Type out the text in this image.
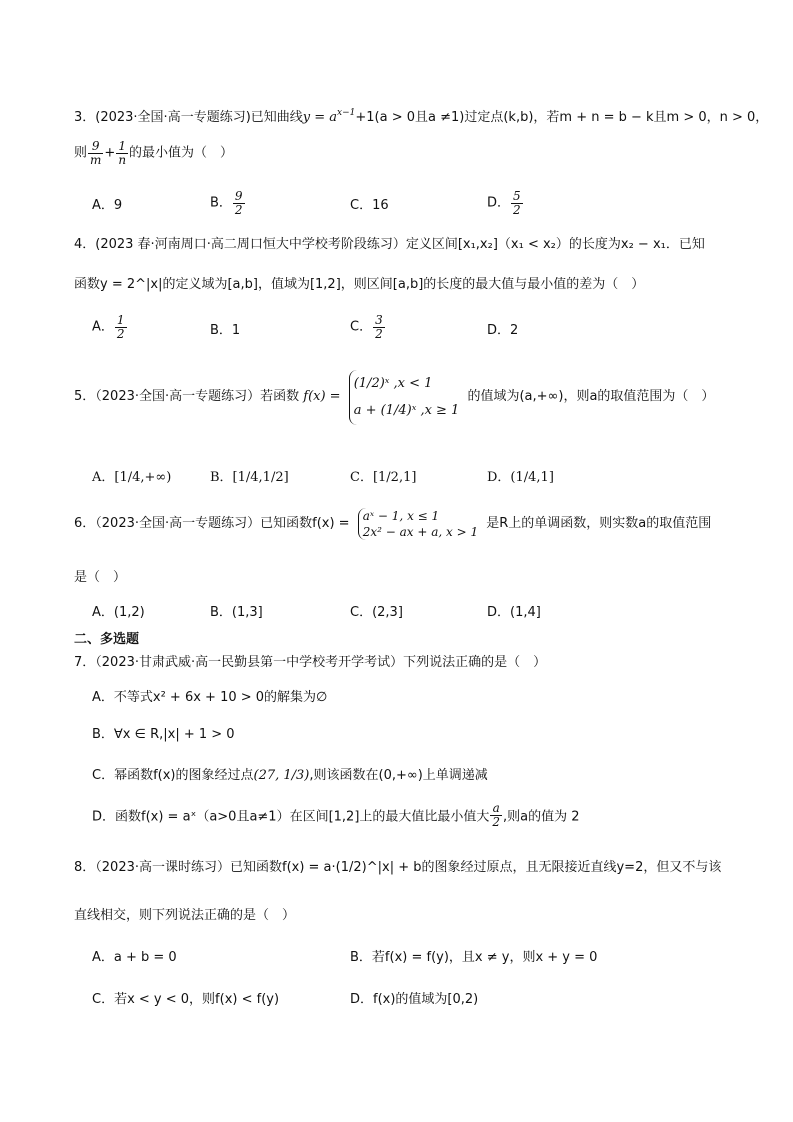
3．(2023·全国·高一专题练习)已知曲线$y = a^{x-1}+1(a > 0$且a ≠1)过定点(k,b)，若m + n = b − k且m > 0，n > 0，
则 $\frac{9}{m} + \frac{1}{n}$ 的最小值为（　）
A．9	B． $\frac{9}{2}$	C．16	D． $\frac{5}{2}$
4．(2023 春·河南周口·高二周口恒大中学校考阶段练习）定义区间[x₁,x₂]（x₁ < x₂）的长度为x₂ − x₁．已知
函数y = 2^|x|的定义域为[a,b]，值域为[1,2]，则区间[a,b]的长度的最大值与最小值的差为（　）
A． $\frac{1}{2}$	B．1	C． $\frac{3}{2}$	D．2
5．（2023·全国·高一专题练习）若函数 f(x) =
(1/2)ˣ ,x < 1
a + (1/4)ˣ ,x ≥ 1
的值域为(a,+∞)，则a的取值范围为（　）
A．[1/4,+∞)	B．[1/4,1/2]	C．[1/2,1]	D．(1/4,1]
6．（2023·全国·高一专题练习）已知函数f(x) =
aˣ − 1, x ≤ 1
2x² − ax + a, x > 1
是R上的单调函数，则实数a的取值范围
是（　）
A．(1,2)	B．(1,3]	C．(2,3]	D．(1,4]
二、多选题
7．（2023·甘肃武威·高一民勤县第一中学校考开学考试）下列说法正确的是（　）
A．不等式x² + 6x + 10 > 0的解集为∅
B．∀x ∈ R,|x| + 1 > 0
C．幂函数f(x)的图象经过点(27, 1/3),则该函数在(0,+∞)上单调递减
D．函数f(x) = aˣ（a>0且a≠1）在区间[1,2]上的最大值比最小值大 $\frac{a}{2}$ ,则a的值为 2
8．（2023·高一课时练习）已知函数f(x) = a·(1/2)^|x| + b的图象经过原点，且无限接近直线y=2，但又不与该
直线相交，则下列说法正确的是（　）
A．a + b = 0	B．若f(x) = f(y)，且x ≠ y，则x + y = 0
C．若x < y < 0，则f(x) < f(y)	D．f(x)的值域为[0,2)
